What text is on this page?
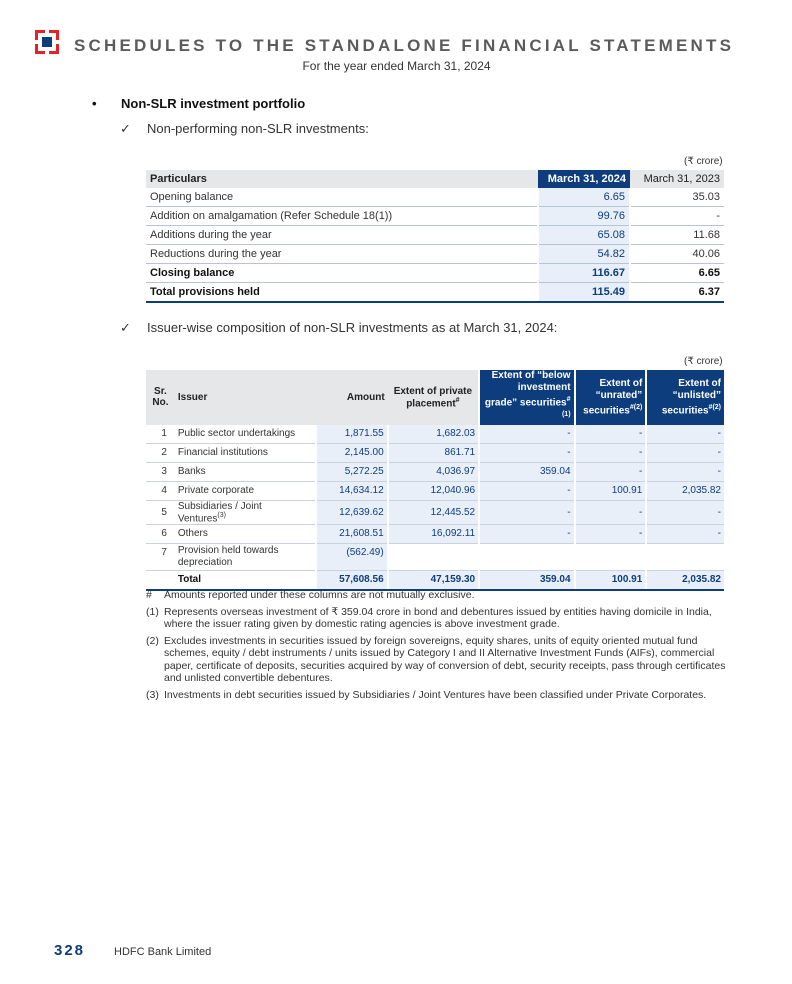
SCHEDULES TO THE STANDALONE FINANCIAL STATEMENTS
For the year ended March 31, 2024
• Non-SLR investment portfolio
✓ Non-performing non-SLR investments:
(₹ crore)
Particulars	March 31, 2024	March 31, 2023
Opening balance	6.65	35.03
Addition on amalgamation (Refer Schedule 18(1))	99.76	-
Additions during the year	65.08	11.68
Reductions during the year	54.82	40.06
Closing balance	116.67	6.65
Total provisions held	115.49	6.37
✓ Issuer-wise composition of non-SLR investments as at March 31, 2024:
(₹ crore)
Sr. No.	Issuer	Amount	Extent of private placement#	Extent of “below investment grade” securities$^{\#(1)}$	Extent of “unrated” securities$^{\#(2)}$	Extent of “unlisted” securities$^{\#(2)}$
1	Public sector undertakings	1,871.55	1,682.03	-	-	-
2	Financial institutions	2,145.00	861.71	-	-	-
3	Banks	5,272.25	4,036.97	359.04	-	-
4	Private corporate	14,634.12	12,040.96	-	100.91	2,035.82
5	Subsidiaries / Joint Ventures$^{(3)}$	12,639.62	12,445.52	-	-	-
6	Others	21,608.51	16,092.11	-	-	-
7	Provision held towards depreciation	(562.49)				
	Total	57,608.56	47,159.30	359.04	100.91	2,035.82
#	Amounts reported under these columns are not mutually exclusive.
(1) Represents overseas investment of ₹ 359.04 crore in bond and debentures issued by entities having domicile in India, where the issuer rating given by domestic rating agencies is above investment grade.
(2) Excludes investments in securities issued by foreign sovereigns, equity shares, units of equity oriented mutual fund schemes, equity / debt instruments / units issued by Category I and II Alternative Investment Funds (AIFs), commercial paper, certificate of deposits, securities acquired by way of conversion of debt, security receipts, pass through certificates and unlisted convertible debentures.
(3) Investments in debt securities issued by Subsidiaries / Joint Ventures have been classified under Private Corporates.
328	HDFC Bank Limited
